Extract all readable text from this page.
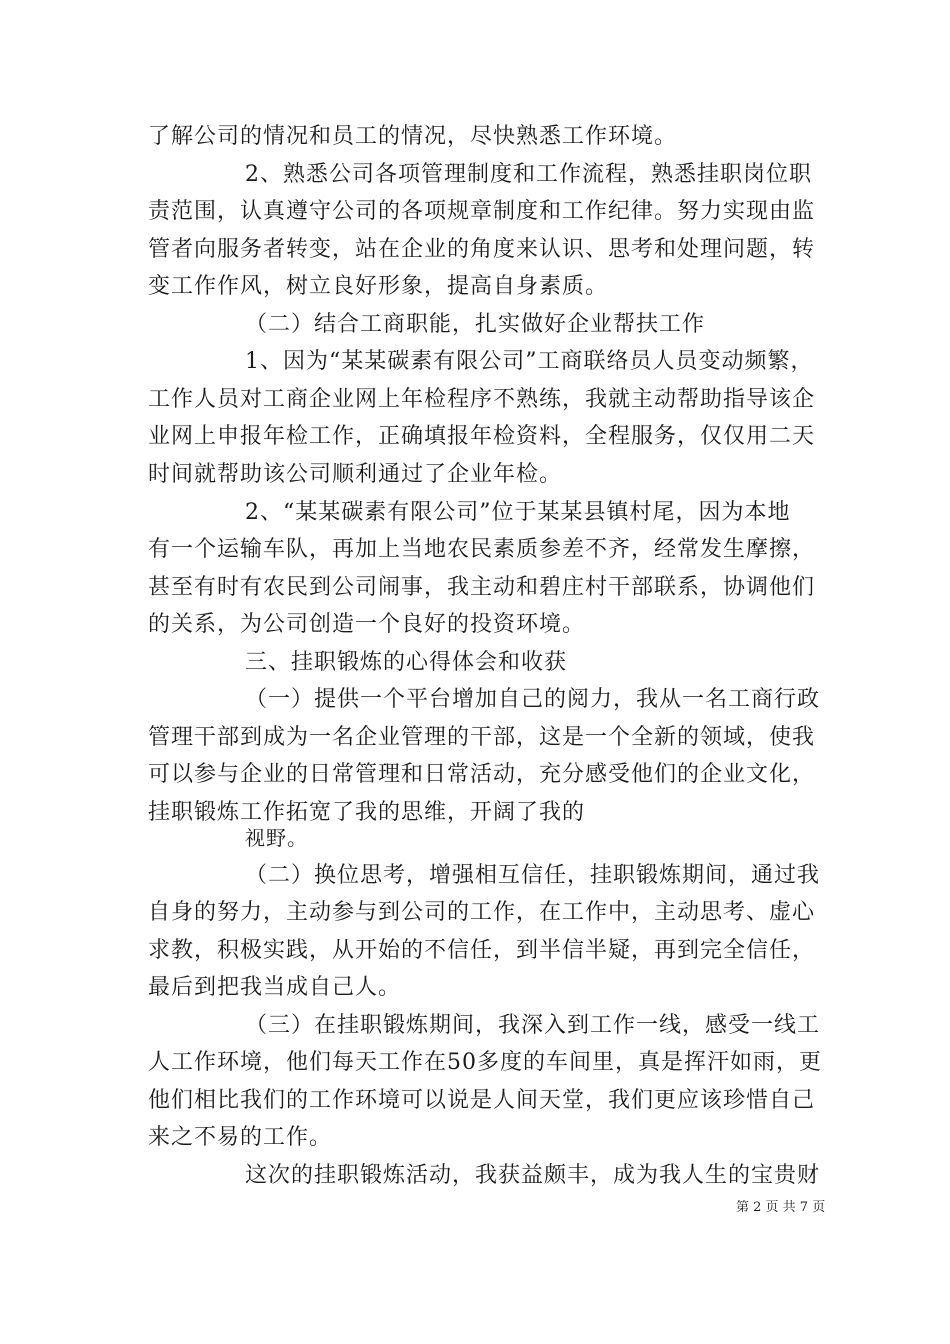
了解公司的情况和员工的情况，尽快熟悉工作环境。
2、熟悉公司各项管理制度和工作流程，熟悉挂职岗位职
责范围，认真遵守公司的各项规章制度和工作纪律。努力实现由监
管者向服务者转变，站在企业的角度来认识、思考和处理问题，转
变工作作风，树立良好形象，提高自身素质。
（二）结合工商职能，扎实做好企业帮扶工作
1、因为“某某碳素有限公司”工商联络员人员变动频繁，
工作人员对工商企业网上年检程序不熟练，我就主动帮助指导该企
业网上申报年检工作，正确填报年检资料，全程服务，仅仅用二天
时间就帮助该公司顺利通过了企业年检。
2、“某某碳素有限公司”位于某某县镇村尾，因为本地
有一个运输车队，再加上当地农民素质参差不齐，经常发生摩擦，
甚至有时有农民到公司闹事，我主动和碧庄村干部联系，协调他们
的关系，为公司创造一个良好的投资环境。
三、挂职锻炼的心得体会和收获
（一）提供一个平台增加自己的阅力，我从一名工商行政
管理干部到成为一名企业管理的干部，这是一个全新的领域，使我
可以参与企业的日常管理和日常活动，充分感受他们的企业文化，
挂职锻炼工作拓宽了我的思维，开阔了我的
视野。
（二）换位思考，增强相互信任，挂职锻炼期间，通过我
自身的努力，主动参与到公司的工作，在工作中，主动思考、虚心
求教，积极实践，从开始的不信任，到半信半疑，再到完全信任，
最后到把我当成自己人。
（三）在挂职锻炼期间，我深入到工作一线，感受一线工
人工作环境，他们每天工作在50多度的车间里，真是挥汗如雨，更
他们相比我们的工作环境可以说是人间天堂，我们更应该珍惜自己
来之不易的工作。
这次的挂职锻炼活动，我获益颇丰，成为我人生的宝贵财
第 2 页 共 7 页
